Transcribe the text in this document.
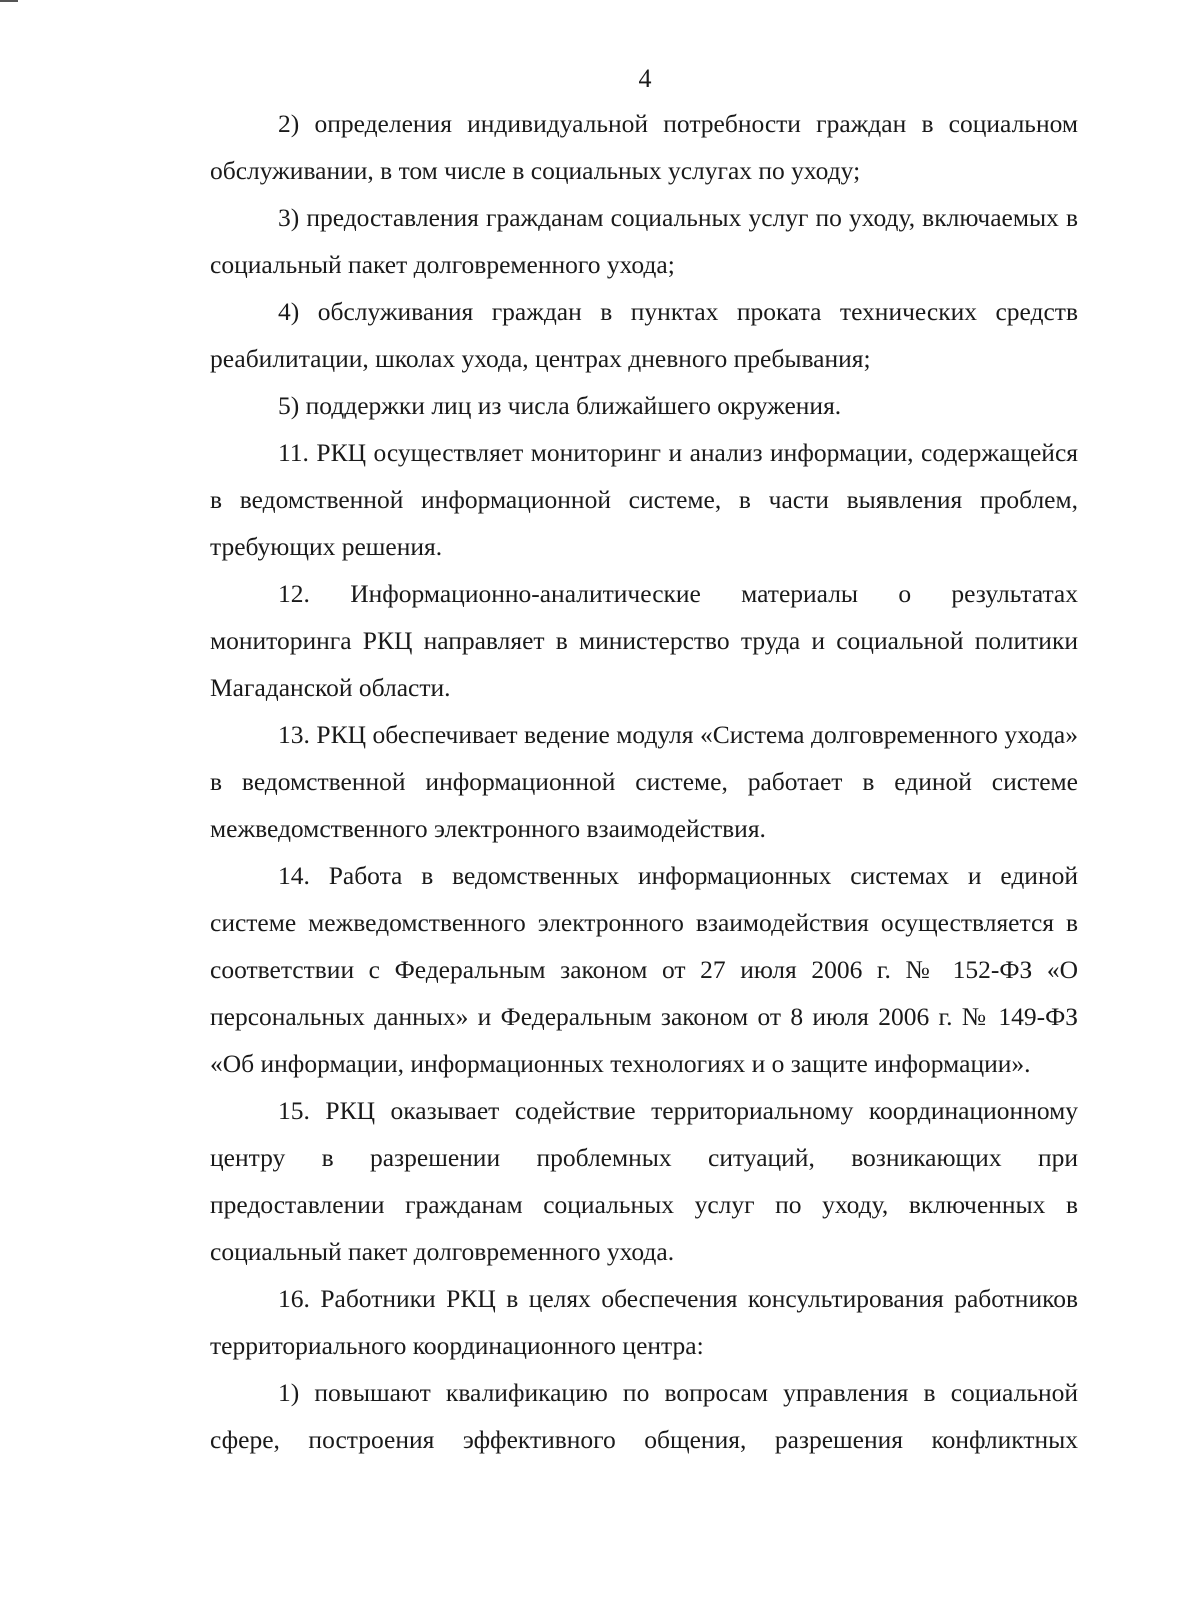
4

2) определения индивидуальной потребности граждан в социальном обслуживании, в том числе в социальных услугах по уходу;

3) предоставления гражданам социальных услуг по уходу, включаемых в социальный пакет долговременного ухода;

4) обслуживания граждан в пунктах проката технических средств реабилитации, школах ухода, центрах дневного пребывания;

5) поддержки лиц из числа ближайшего окружения.

11. РКЦ осуществляет мониторинг и анализ информации, содержащейся в ведомственной информационной системе, в части выявления проблем, требующих решения.

12. Информационно-аналитические материалы о результатах мониторинга РКЦ направляет в министерство труда и социальной политики Магаданской области.

13. РКЦ обеспечивает ведение модуля «Система долговременного ухода» в ведомственной информационной системе, работает в единой системе межведомственного электронного взаимодействия.

14. Работа в ведомственных информационных системах и единой системе межведомственного электронного взаимодействия осуществляется в соответствии с Федеральным законом от 27 июля 2006 г. № 152-ФЗ «О персональных данных» и Федеральным законом от 8 июля 2006 г. № 149-ФЗ «Об информации, информационных технологиях и о защите информации».

15. РКЦ оказывает содействие территориальному координационному центру в разрешении проблемных ситуаций, возникающих при предоставлении гражданам социальных услуг по уходу, включенных в социальный пакет долговременного ухода.

16. Работники РКЦ в целях обеспечения консультирования работников территориального координационного центра:

1) повышают квалификацию по вопросам управления в социальной сфере, построения эффективного общения, разрешения конфликтных
